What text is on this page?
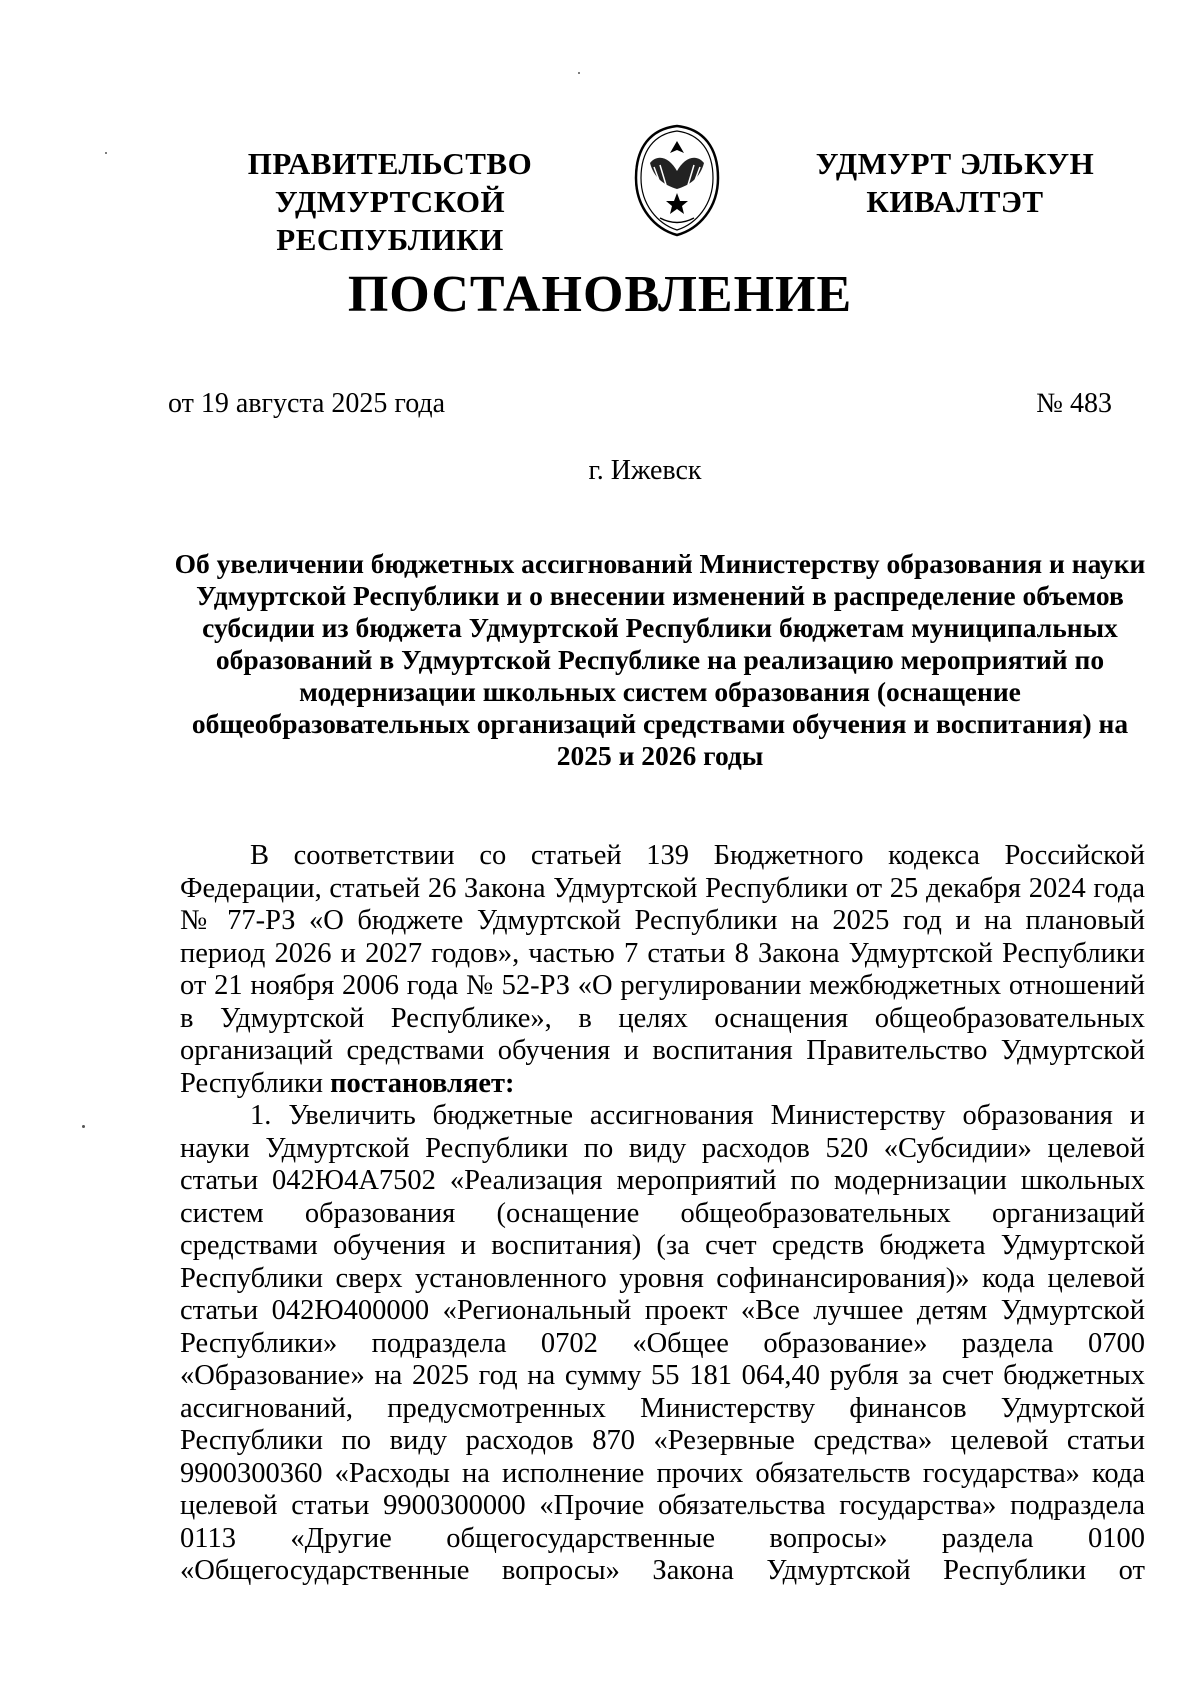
ПРАВИТЕЛЬСТВО
УДМУРТСКОЙ РЕСПУБЛИКИ
УДМУРТ ЭЛЬКУН
КИВАЛТЭТ
ПОСТАНОВЛЕНИЕ
от 19 августа 2025 года	№ 483
г. Ижевск
Об увеличении бюджетных ассигнований Министерству образования и науки Удмуртской Республики и о внесении изменений в распределение объемов субсидии из бюджета Удмуртской Республики бюджетам муниципальных образований в Удмуртской Республике на реализацию мероприятий по модернизации школьных систем образования (оснащение общеобразовательных организаций средствами обучения и воспитания) на 2025 и 2026 годы

В соответствии со статьей 139 Бюджетного кодекса Российской Федерации, статьей 26 Закона Удмуртской Республики от 25 декабря 2024 года № 77-РЗ «О бюджете Удмуртской Республики на 2025 год и на плановый период 2026 и 2027 годов», частью 7 статьи 8 Закона Удмуртской Республики от 21 ноября 2006 года № 52-РЗ «О регулировании межбюджетных отношений в Удмуртской Республике», в целях оснащения общеобразовательных организаций средствами обучения и воспитания Правительство Удмуртской Республики постановляет:

1. Увеличить бюджетные ассигнования Министерству образования и науки Удмуртской Республики по виду расходов 520 «Субсидии» целевой статьи 042Ю4А7502 «Реализация мероприятий по модернизации школьных систем образования (оснащение общеобразовательных организаций средствами обучения и воспитания) (за счет средств бюджета Удмуртской Республики сверх установленного уровня софинансирования)» кода целевой статьи 042Ю400000 «Региональный проект «Все лучшее детям Удмуртской Республики» подраздела 0702 «Общее образование» раздела 0700 «Образование» на 2025 год на сумму 55 181 064,40 рубля за счет бюджетных ассигнований, предусмотренных Министерству финансов Удмуртской Республики по виду расходов 870 «Резервные средства» целевой статьи 9900300360 «Расходы на исполнение прочих обязательств государства» кода целевой статьи 9900300000 «Прочие обязательства государства» подраздела 0113 «Другие общегосударственные вопросы» раздела 0100 «Общегосударственные вопросы» Закона Удмуртской Республики от
